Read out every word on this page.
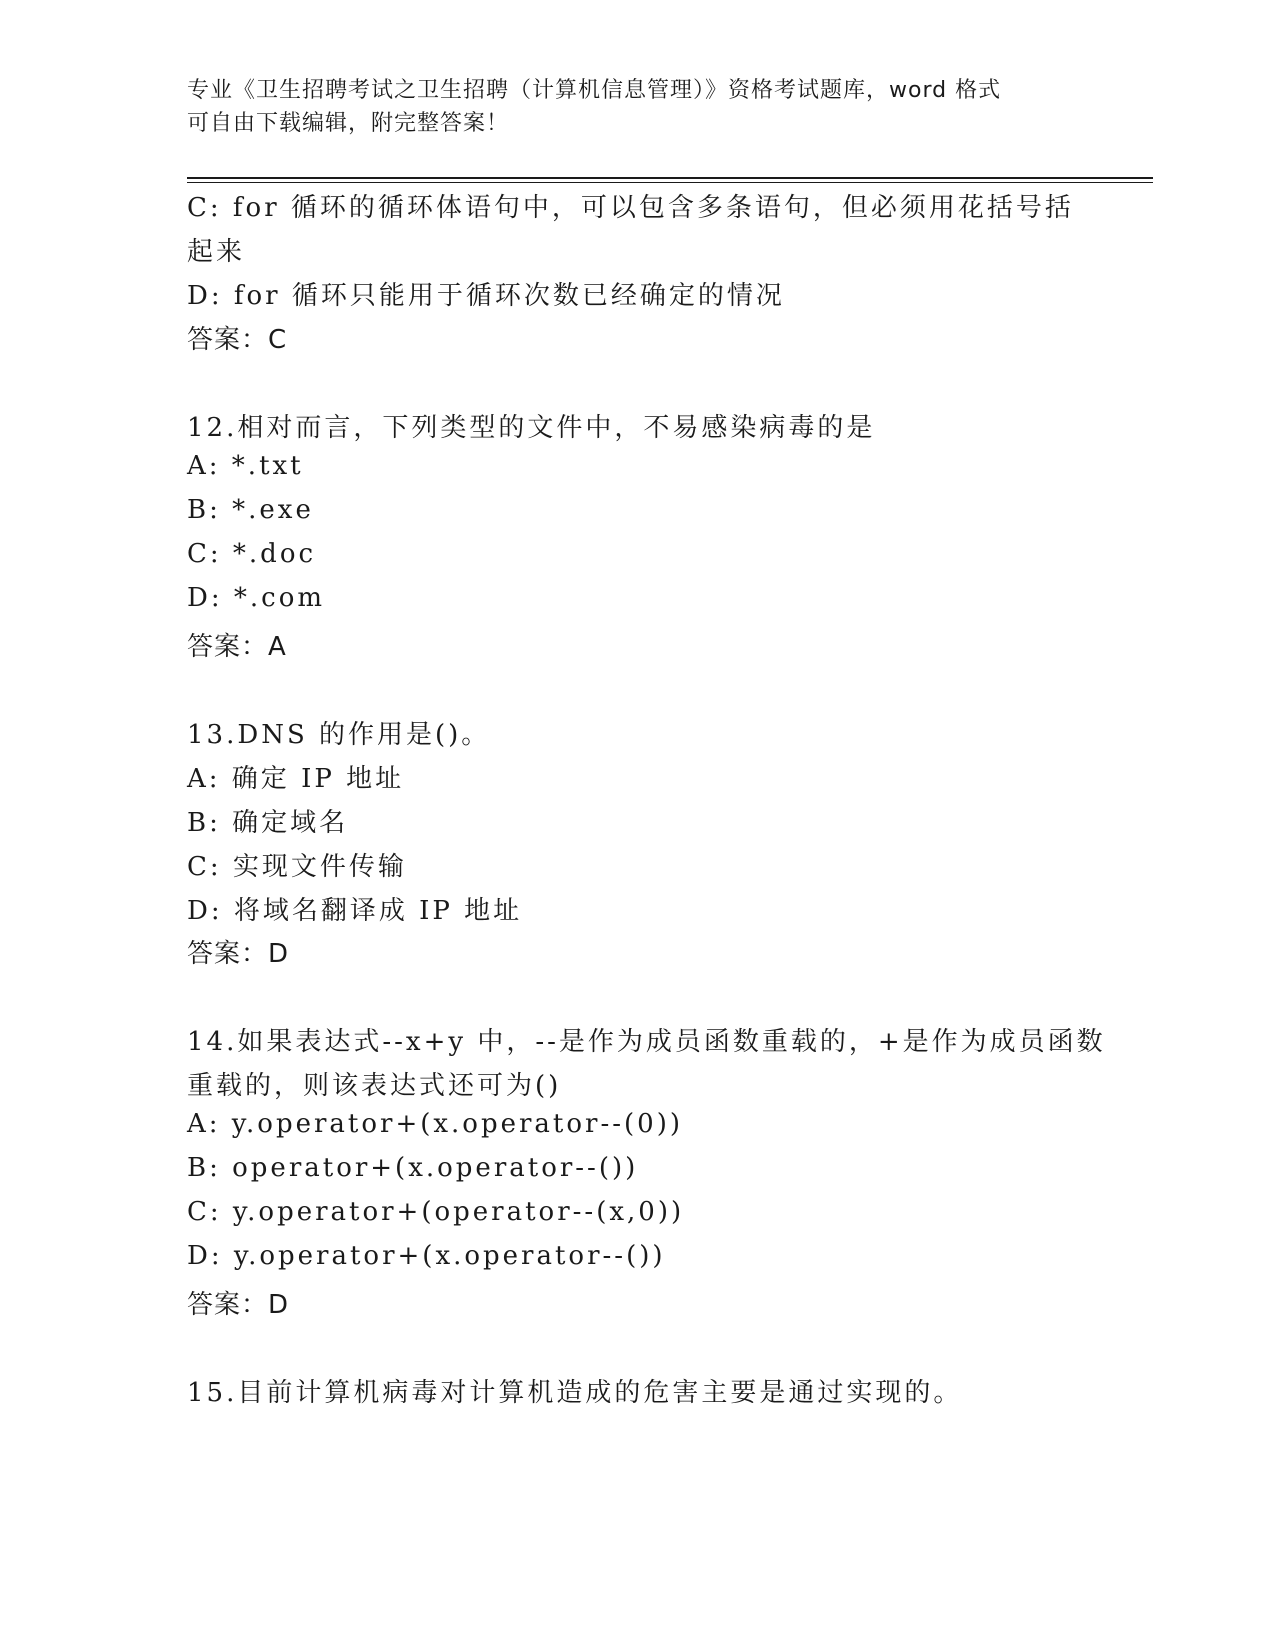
专业《卫生招聘考试之卫生招聘（计算机信息管理）》资格考试题库，word 格式
可自由下载编辑，附完整答案！
C: for 循环的循环体语句中，可以包含多条语句，但必须用花括号括
起来
D: for 循环只能用于循环次数已经确定的情况
答案：C
12.相对而言，下列类型的文件中，不易感染病毒的是
A: *.txt
B: *.exe
C: *.doc
D: *.com
答案：A
13.DNS 的作用是()。
A: 确定 IP 地址
B: 确定域名
C: 实现文件传输
D: 将域名翻译成 IP 地址
答案：D
14.如果表达式--x+y 中，--是作为成员函数重载的，+是作为成员函数
重载的，则该表达式还可为()
A: y.operator+(x.operator--(0))
B: operator+(x.operator--())
C: y.operator+(operator--(x,0))
D: y.operator+(x.operator--())
答案：D
15.目前计算机病毒对计算机造成的危害主要是通过实现的。
